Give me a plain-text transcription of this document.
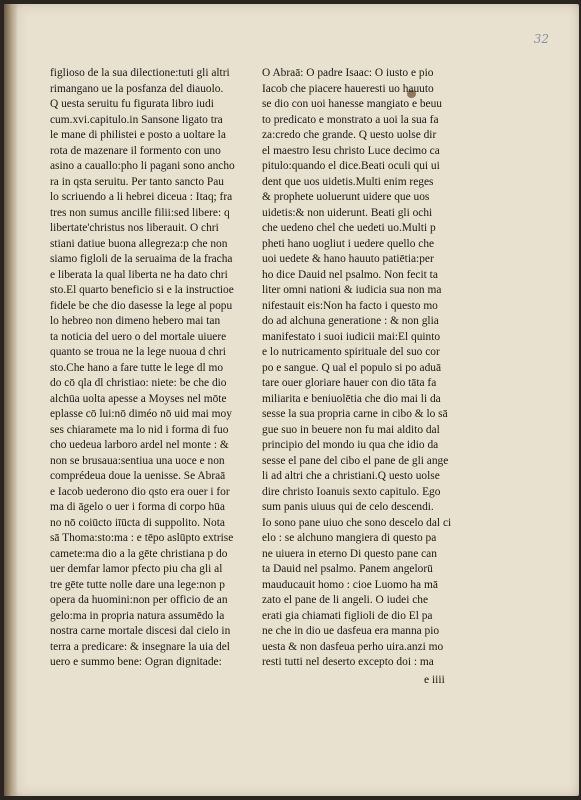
32
figlioso de la sua dilectione:tuti gli altri
rimangano ue la posfanza del diauolo.
Q uesta seruitu fu figurata libro iudi
cum.xvi.capitulo.in Sansone ligato tra
le mane di philistei e posto a uoltare la
rota de mazenare il formento con uno
asino a cauallo:pho li pagani sono ancho
ra in qsta seruitu. Per tanto sancto Pau
lo scriuendo a li hebrei diceua : Itaq; fra
tres non sumus ancille filii:sed libere: q
libertate'christus nos liberauit. O chri
stiani datiue buona allegreza:p che non
siamo figloli de la seruaima de la fracha
e liberata la qual liberta ne ha dato chri
sto.El quarto beneficio si e la instructioe
fidele be che dio dasesse la lege al popu
lo hebreo non dimeno hebero mai tan
ta noticia del uero o del mortale uiuere
quanto se troua ne la lege nuoua d chri
sto.Che hano a fare tutte le lege dl mo
do cō qla dl christiao: niete: be che dio
alchūa uolta apesse a Moyses nel mōte
eplasse cō lui:nō diméo nō uid mai moy
ses chiaramete ma lo nid i forma di fuo
cho uedeua larboro ardel nel monte : &
non se brusaua:sentiua una uoce e non
comprédeua doue la uenisse. Se Abraā
e Iacob uederono dio qsto era ouer i for
ma di āgelo o uer i forma di corpo hūa
no nō coiūcto iīūcta di suppolito. Nota
sā Thoma:sto:ma : e tēpo aslūpto extrise
camete:ma dio a la gēte christiana p do
uer demfar lamor pfecto piu cha gli al
tre gēte tutte nolle dare una lege:non p
opera da huomini:non per officio de an
gelo:ma in propria natura assumēdo la
nostra carne mortale discesi dal cielo in
terra a predicare: & insegnare la uia del
uero e summo bene: Ogran dignitade:
O Abraā: O padre Isaac: O iusto e pio
Iacob che piacere haueresti uo hauuto
se dio con uoi hanesse mangiato e beuu
to predicato e monstrato a uoi la sua fa
za:credo che grande. Q uesto uolse dir
el maestro Iesu christo Luce decimo ca
pitulo:quando el dice.Beati oculi qui ui
dent que uos uidetis.Multi enim reges
& prophete uoluerunt uidere que uos
uidetis:& non uiderunt. Beati gli ochi
che uedeno chel che uedeti uo.Multi p
pheti hano uogliut i uedere quello che
uoi uedete & hano hauuto patiētia:per
ho dice Dauid nel psalmo. Non fecit ta
liter omni nationi & iudicia sua non ma
nifestauit eis:Non ha facto i questo mo
do ad alchuna generatione : & non glia
manifestato i suoi iudicii mai:El quinto
e lo nutricamento spirituale del suo cor
po e sangue. Q ual el populo si po aduā
tare ouer gloriare hauer con dio tāta fa
miliarita e beniuolētia che dio mai li da
sesse la sua propria carne in cibo & lo sā
gue suo in beuere non fu mai aldito dal
principio del mondo iu qua che idio da
sesse el pane del cibo el pane de gli ange
li ad altri che a christiani.Q uesto uolse
dire christo Ioanuis sexto capitulo. Ego
sum panis uiuus qui de celo descendi.
Io sono pane uiuo che sono descelo dal ci
elo : se alchuno mangiera di questo pa
ne uiuera in eterno Di questo pane can
ta Dauid nel psalmo. Panem angelorū
mauducauit homo : cioe Luomo ha mā
zato el pane de li angeli. O iudei che
erati gia chiamati figlioli de dio El pa
ne che in dio ue dasfeua era manna pio
uesta & non dasfeua perho uira.anzi mo
resti tutti nel deserto excepto doi : ma
e iiii
